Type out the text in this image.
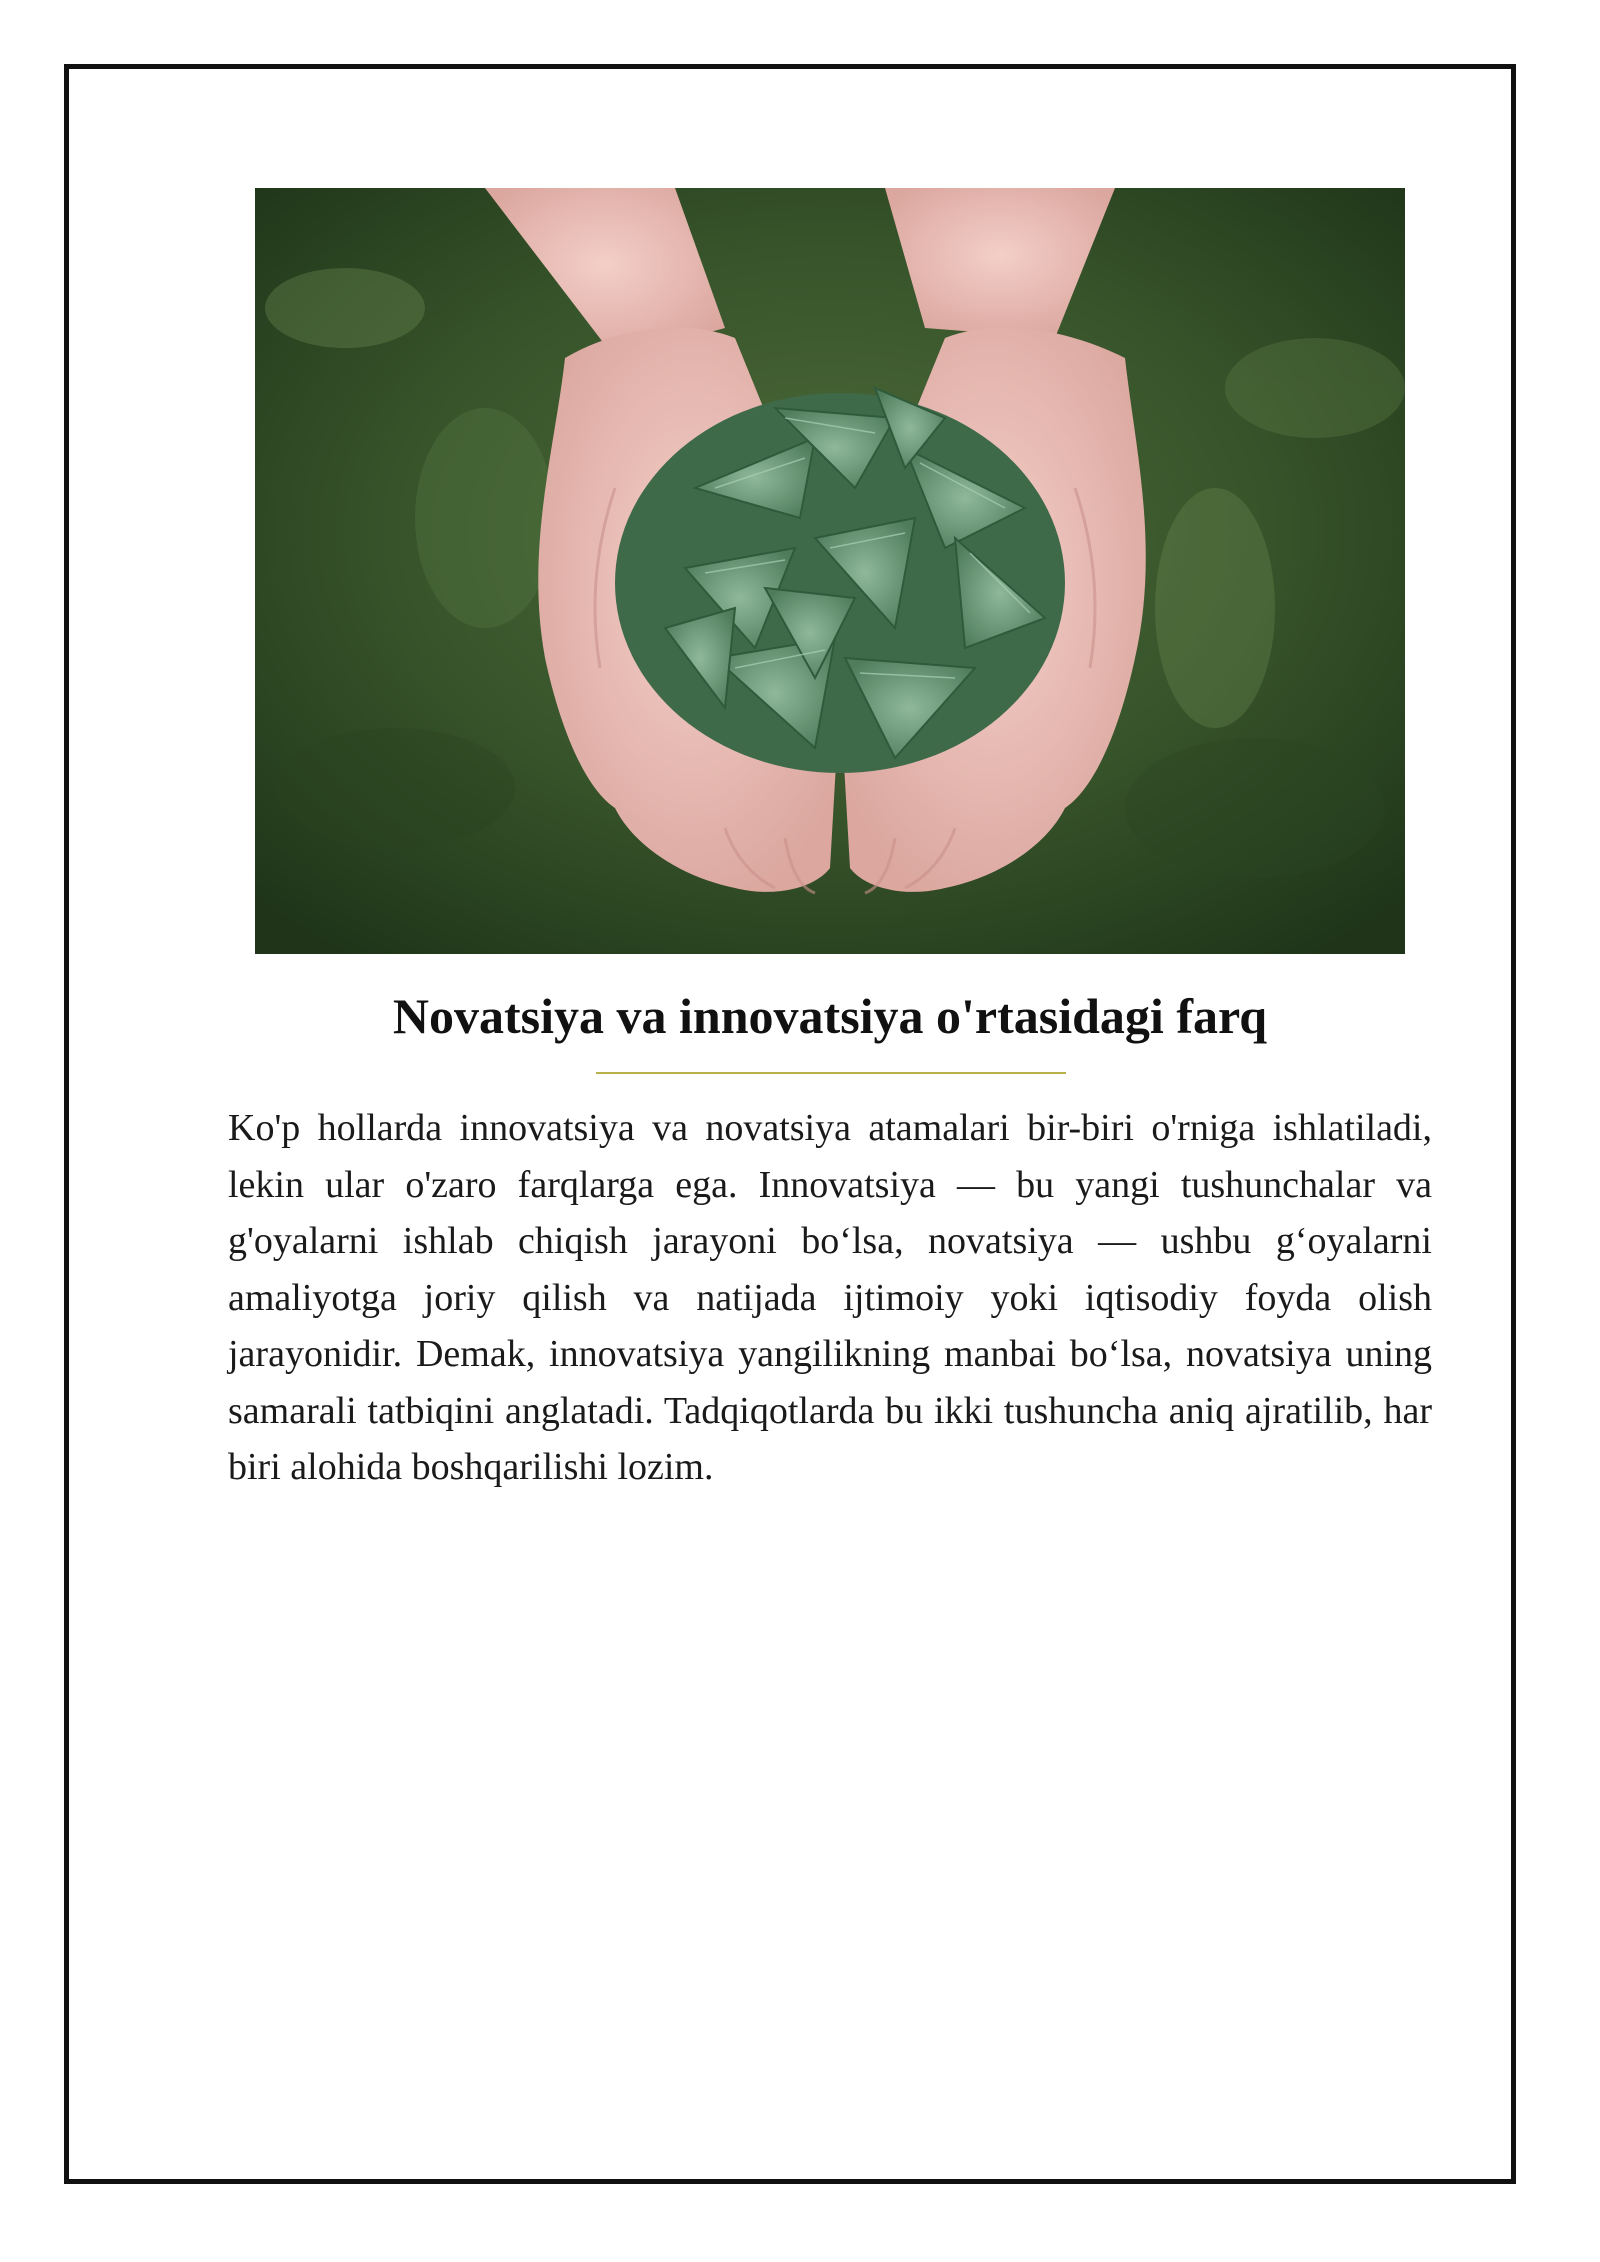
Novatsiya va innovatsiya o'rtasidagi farq

Ko'p hollarda innovatsiya va novatsiya atamalari bir-biri o'rniga ishlatiladi, lekin ular o'zaro farqlarga ega. Innovatsiya — bu yangi tushunchalar va g'oyalarni ishlab chiqish jarayoni bo‘lsa, novatsiya — ushbu g‘oyalarni amaliyotga joriy qilish va natijada ijtimoiy yoki iqtisodiy foyda olish jarayonidir. Demak, innovatsiya yangilikning manbai bo‘lsa, novatsiya uning samarali tatbiqini anglatadi. Tadqiqotlarda bu ikki tushuncha aniq ajratilib, har biri alohida boshqarilishi lozim.
